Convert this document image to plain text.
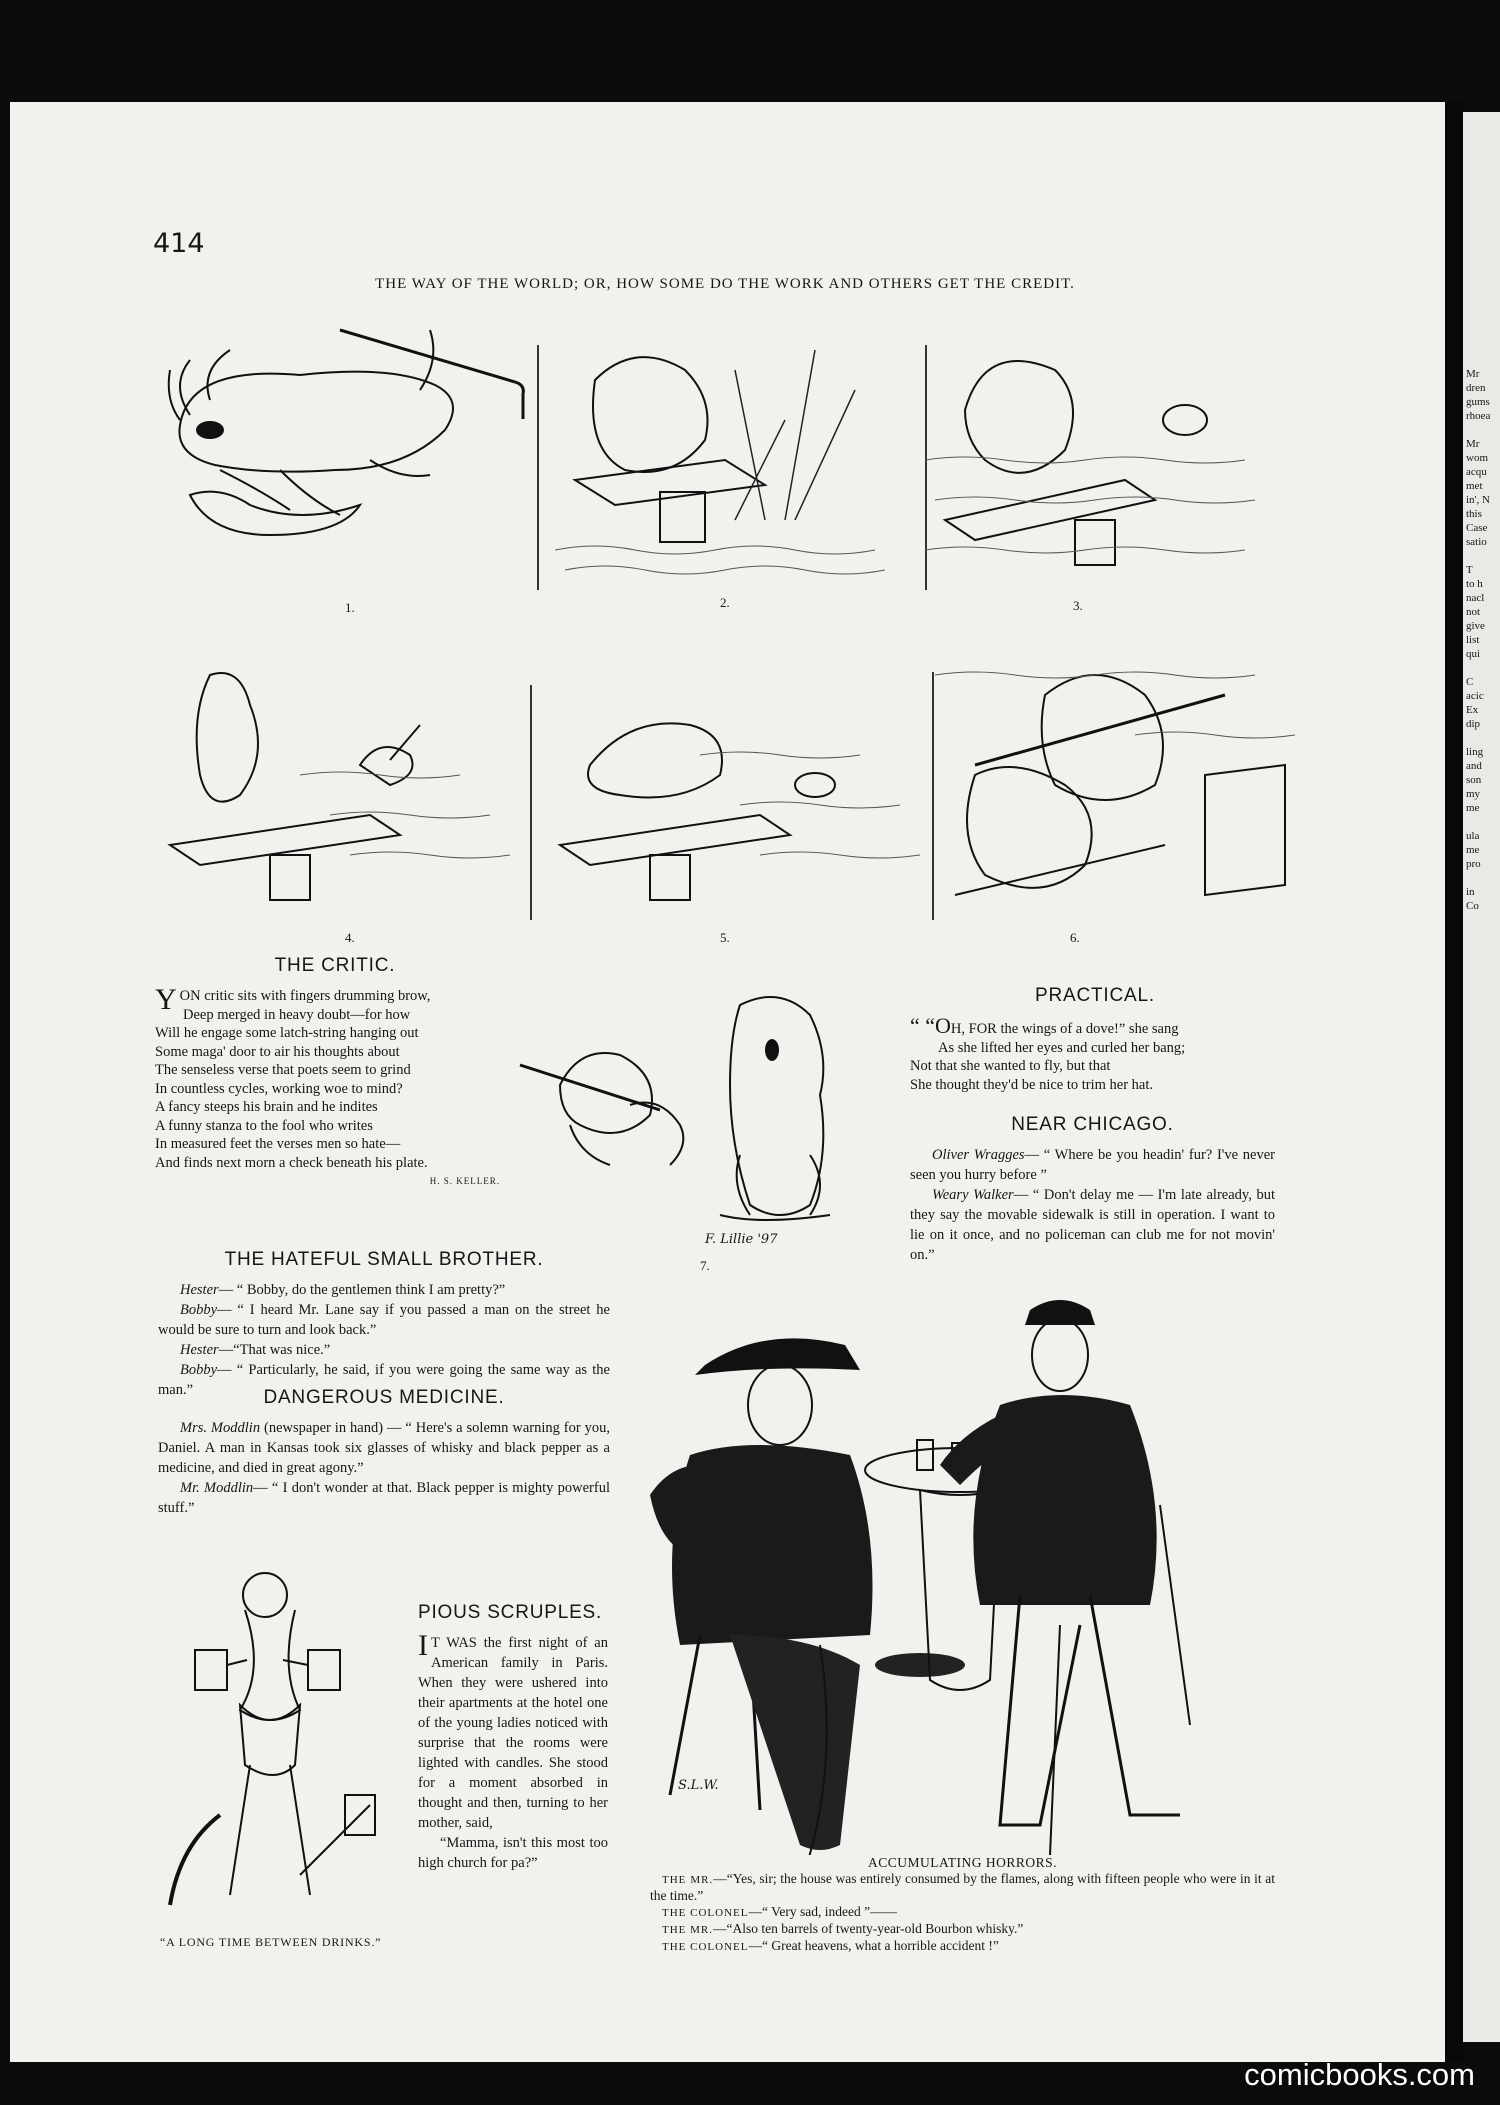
Mr
dren
gums
rhoea

Mr
wom
acqu
met
in', N
this
Case
satio

T
to h
nacl
not
give
list
qui

C
acic
Ex
dip

ling
and
son
my
me

ula
me
pro

in
Co
414
THE WAY OF THE WORLD; OR, HOW SOME DO THE WORK AND OTHERS GET THE CREDIT.
1.	2.	3.
4.	5.	6.
THE CRITIC.
Y ON critic sits with fingers drumming brow,
Deep merged in heavy doubt—for how
Will he engage some latch-string hanging out
Some maga' door to air his thoughts about
The senseless verse that poets seem to grind
In countless cycles, working woe to mind?
A fancy steeps his brain and he indites
A funny stanza to the fool who writes
In measured feet the verses men so hate—
And finds next morn a check beneath his plate.
H. S. KELLER.
F. Lillie '97
7.
PRACTICAL.
“ “OH, FOR the wings of a dove!” she sang
As she lifted her eyes and curled her bang;
Not that she wanted to fly, but that
She thought they'd be nice to trim her hat.
NEAR CHICAGO.

Oliver Wragges— “ Where be you headin' fur? I've never seen you hurry before ”

Weary Walker— “ Don't delay me — I'm late already, but they say the movable sidewalk is still in operation. I want to lie on it once, and no policeman can club me for not movin' on.”

THE HATEFUL SMALL BROTHER.

Hester— “ Bobby, do the gentlemen think I am pretty?”

Bobby— “ I heard Mr. Lane say if you passed a man on the street he would be sure to turn and look back.”

Hester—“That was nice.”

Bobby— “ Particularly, he said, if you were going the same way as the man.”	DANGEROUS MEDICINE.

Mrs. Moddlin (newspaper in hand) — “ Here's a solemn warning for you, Daniel. A man in Kansas took six glasses of whisky and black pepper as a medicine, and died in great agony.”

Mr. Moddlin— “ I don't wonder at that. Black pepper is mighty powerful stuff.”

“A LONG TIME BETWEEN DRINKS.”
PIOUS SCRUPLES.

I T WAS the first night of an American family in Paris. When they were ushered into their apartments at the hotel one of the young ladies noticed with surprise that the rooms were lighted with candles. She stood for a moment absorbed in thought and then, turning to her mother, said,

“Mamma, isn't this most too high church for pa?”

S.L.W.
ACCUMULATING HORRORS.
THE MR.—“Yes, sir; the house was entirely consumed by the flames, along with fifteen people who were in it at the time.”
THE COLONEL—“ Very sad, indeed ”——
THE MR.—“Also ten barrels of twenty-year-old Bourbon whisky.”
THE COLONEL—“ Great heavens, what a horrible accident !”
comicbooks.com
